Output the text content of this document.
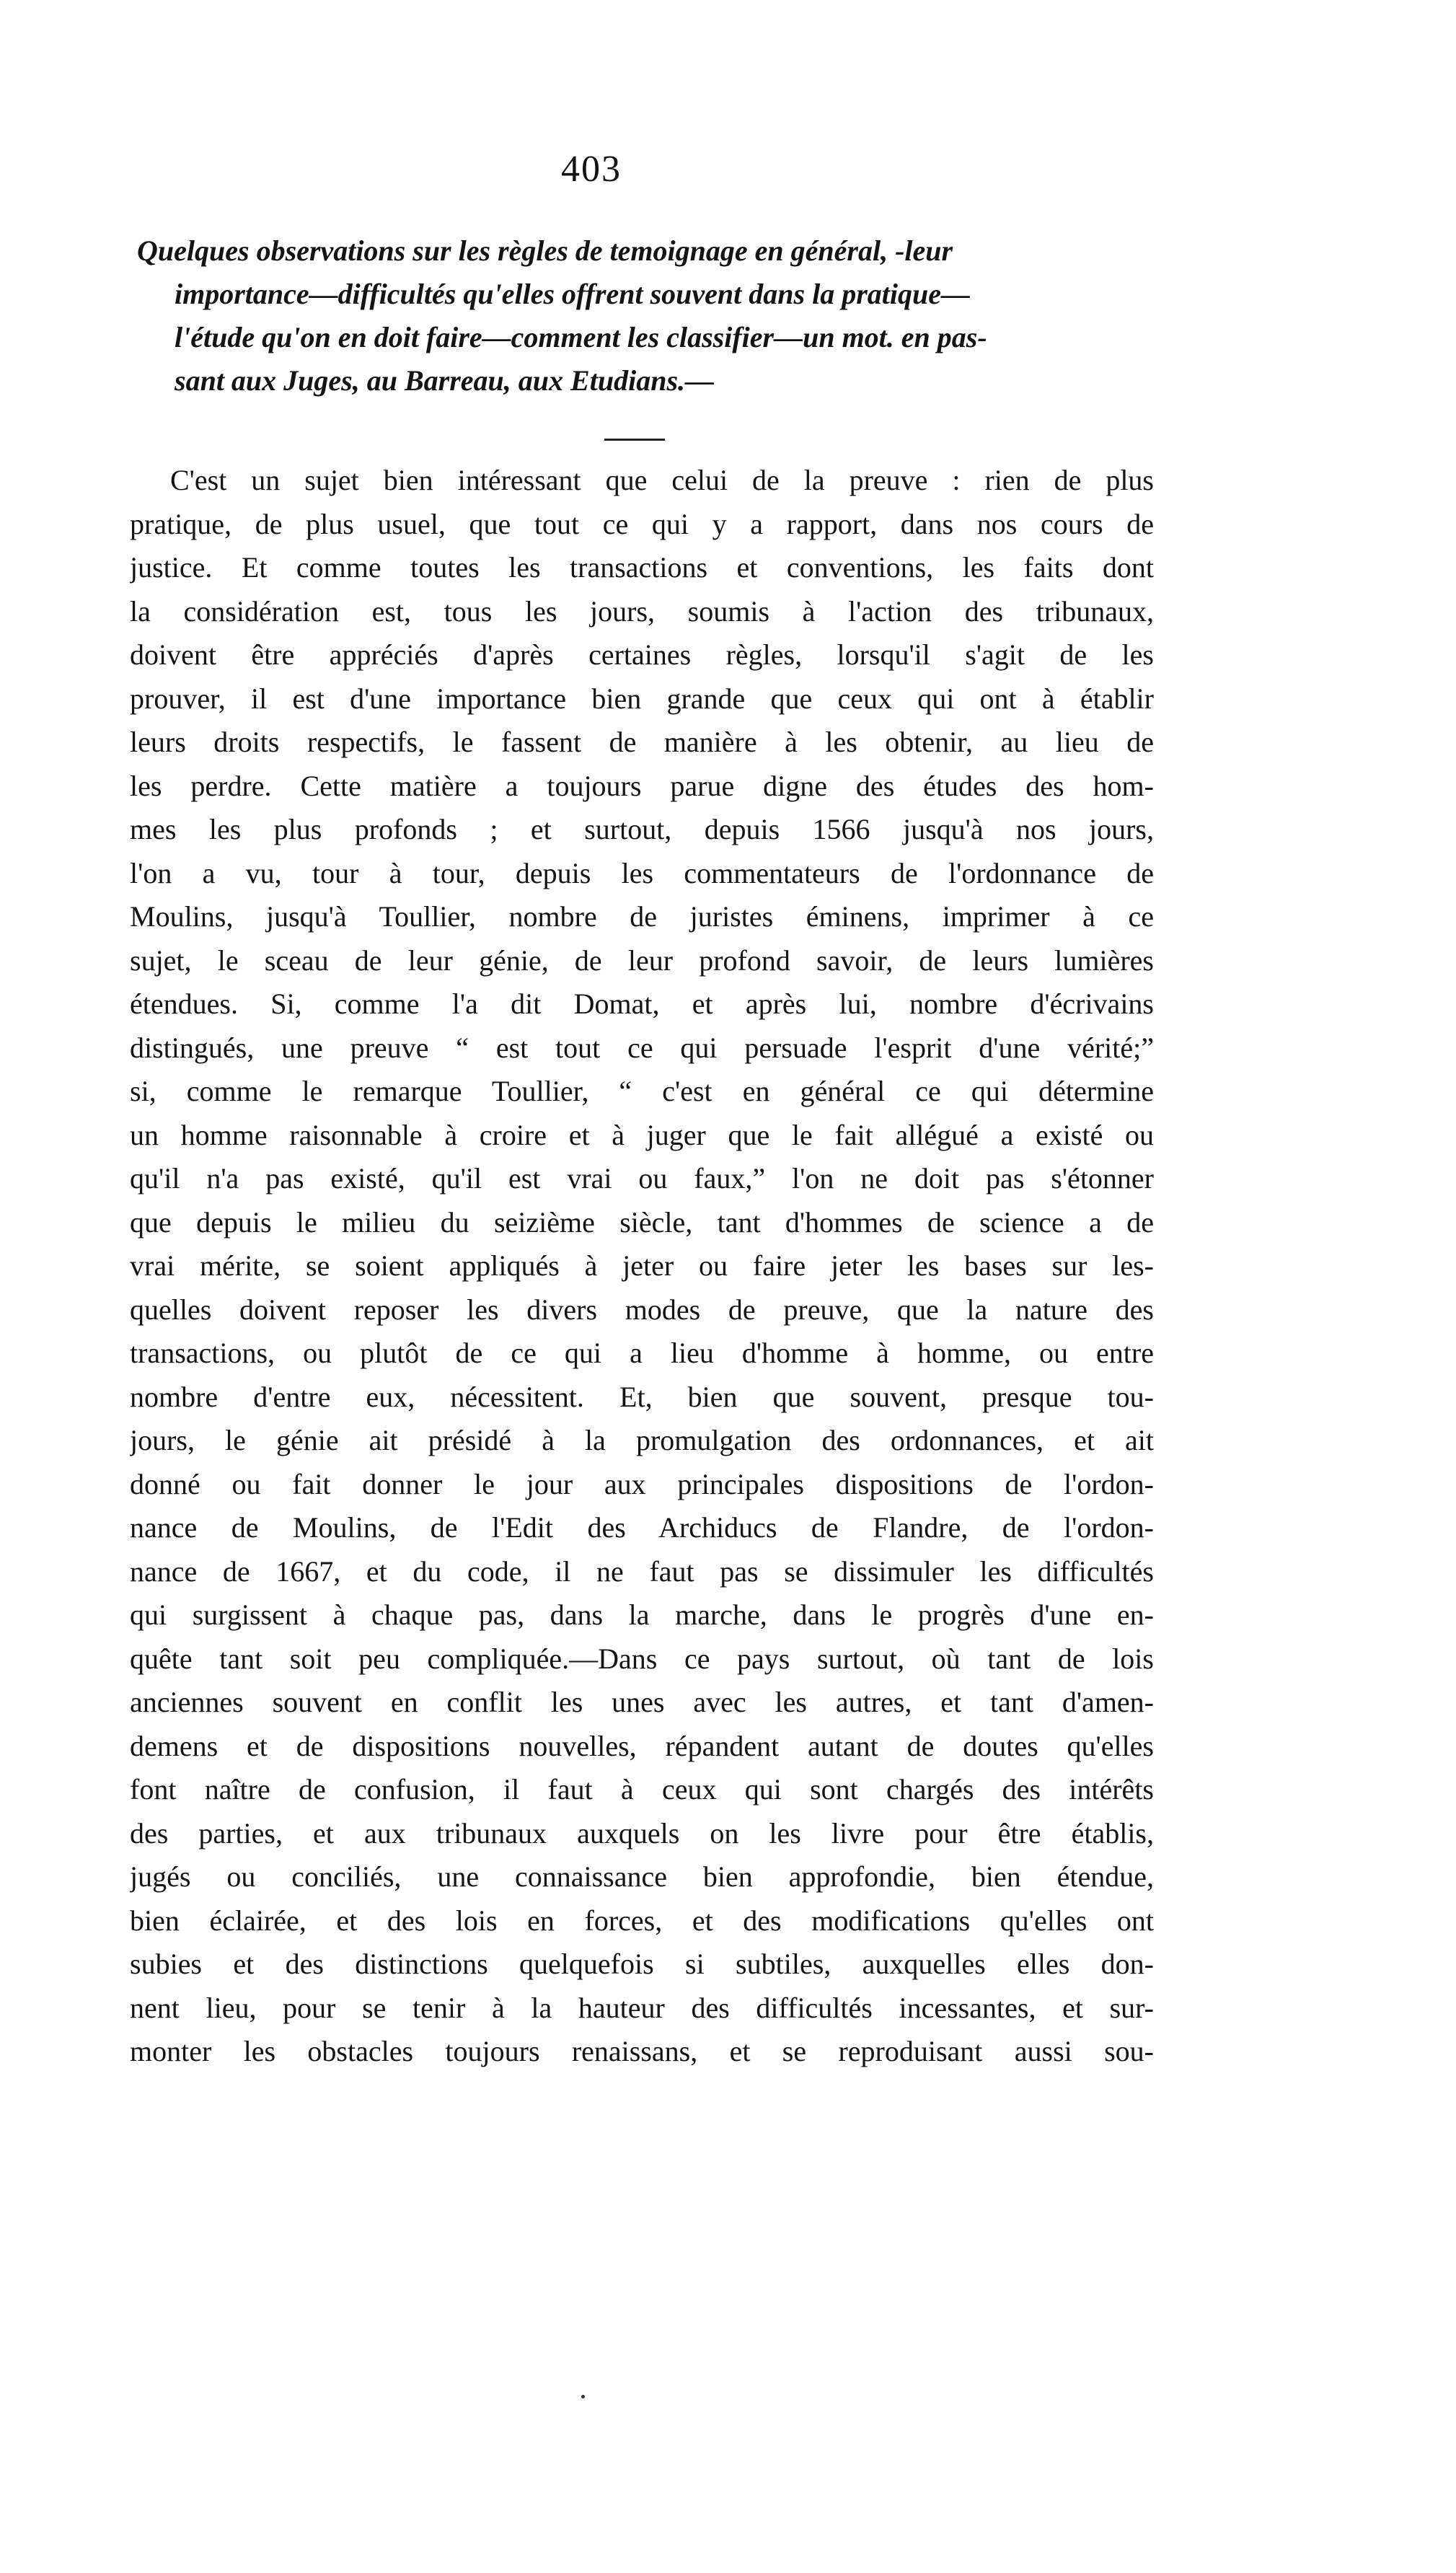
403
Quelques observations sur les règles de temoignage en général, -leur
importance—difficultés qu'elles offrent souvent dans la pratique—
l'étude qu'on en doit faire—comment les classifier—un mot. en pas-
sant aux Juges, au Barreau, aux Etudians.—
C'est un sujet bien intéressant que celui de la preuve : rien de plus
pratique, de plus usuel, que tout ce qui y a rapport, dans nos cours de
justice. Et comme toutes les transactions et conventions, les faits dont
la considération est, tous les jours, soumis à l'action des tribunaux,
doivent être appréciés d'après certaines règles, lorsqu'il s'agit de les
prouver, il est d'une importance bien grande que ceux qui ont à établir
leurs droits respectifs, le fassent de manière à les obtenir, au lieu de
les perdre. Cette matière a toujours parue digne des études des hom-
mes les plus profonds ; et surtout, depuis 1566 jusqu'à nos jours,
l'on a vu, tour à tour, depuis les commentateurs de l'ordonnance de
Moulins, jusqu'à Toullier, nombre de juristes éminens, imprimer à ce
sujet, le sceau de leur génie, de leur profond savoir, de leurs lumières
étendues. Si, comme l'a dit Domat, et après lui, nombre d'écrivains
distingués, une preuve “ est tout ce qui persuade l'esprit d'une vérité;”
si, comme le remarque Toullier, “ c'est en général ce qui détermine
un homme raisonnable à croire et à juger que le fait allégué a existé ou
qu'il n'a pas existé, qu'il est vrai ou faux,” l'on ne doit pas s'étonner
que depuis le milieu du seizième siècle, tant d'hommes de science a de
vrai mérite, se soient appliqués à jeter ou faire jeter les bases sur les-
quelles doivent reposer les divers modes de preuve, que la nature des
transactions, ou plutôt de ce qui a lieu d'homme à homme, ou entre
nombre d'entre eux, nécessitent. Et, bien que souvent, presque tou-
jours, le génie ait présidé à la promulgation des ordonnances, et ait
donné ou fait donner le jour aux principales dispositions de l'ordon-
nance de Moulins, de l'Edit des Archiducs de Flandre, de l'ordon-
nance de 1667, et du code, il ne faut pas se dissimuler les difficultés
qui surgissent à chaque pas, dans la marche, dans le progrès d'une en-
quête tant soit peu compliquée.—Dans ce pays surtout, où tant de lois
anciennes souvent en conflit les unes avec les autres, et tant d'amen-
demens et de dispositions nouvelles, répandent autant de doutes qu'elles
font naître de confusion, il faut à ceux qui sont chargés des intérêts
des parties, et aux tribunaux auxquels on les livre pour être établis,
jugés ou conciliés, une connaissance bien approfondie, bien étendue,
bien éclairée, et des lois en forces, et des modifications qu'elles ont
subies et des distinctions quelquefois si subtiles, auxquelles elles don-
nent lieu, pour se tenir à la hauteur des difficultés incessantes, et sur-
monter les obstacles toujours renaissans, et se reproduisant aussi sou-
